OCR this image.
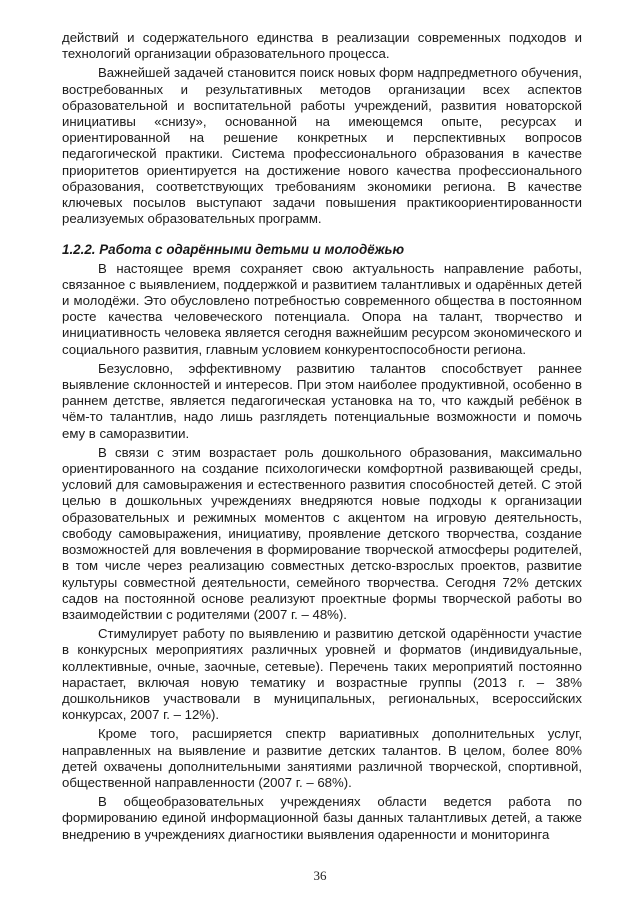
действий и содержательного единства в реализации современных подходов и технологий организации образовательного процесса.

Важнейшей задачей становится поиск новых форм надпредметного обучения, востребованных и результативных методов организации всех аспектов образовательной и воспитательной работы учреждений, развития новаторской инициативы «снизу», основанной на имеющемся опыте, ресурсах и ориентированной на решение конкретных и перспективных вопросов педагогической практики. Система профессионального образования в качестве приоритетов ориентируется на достижение нового качества профессионального образования, соответствующих требованиям экономики региона. В качестве ключевых посылов выступают задачи повышения практикоориентированности реализуемых образовательных программ.

1.2.2. Работа с одарёнными детьми и молодёжью

В настоящее время сохраняет свою актуальность направление работы, связанное с выявлением, поддержкой и развитием талантливых и одарённых детей и молодёжи. Это обусловлено потребностью современного общества в постоянном росте качества человеческого потенциала. Опора на талант, творчество и инициативность человека является сегодня важнейшим ресурсом экономического и социального развития, главным условием конкурентоспособности региона.

Безусловно, эффективному развитию талантов способствует раннее выявление склонностей и интересов. При этом наиболее продуктивной, особенно в раннем детстве, является педагогическая установка на то, что каждый ребёнок в чём-то талантлив, надо лишь разглядеть потенциальные возможности и помочь ему в саморазвитии.

В связи с этим возрастает роль дошкольного образования, максимально ориентированного на создание психологически комфортной развивающей среды, условий для самовыражения и естественного развития способностей детей. С этой целью в дошкольных учреждениях внедряются новые подходы к организации образовательных и режимных моментов с акцентом на игровую деятельность, свободу самовыражения, инициативу, проявление детского творчества, создание возможностей для вовлечения в формирование творческой атмосферы родителей, в том числе через реализацию совместных детско-взрослых проектов, развитие культуры совместной деятельности, семейного творчества. Сегодня 72% детских садов на постоянной основе реализуют проектные формы творческой работы во взаимодействии с родителями (2007 г. – 48%).

Стимулирует работу по выявлению и развитию детской одарённости участие в конкурсных мероприятиях различных уровней и форматов (индивидуальные, коллективные, очные, заочные, сетевые). Перечень таких мероприятий постоянно нарастает, включая новую тематику и возрастные группы (2013 г. – 38% дошкольников участвовали в муниципальных, региональных, всероссийских конкурсах, 2007 г. – 12%).

Кроме того, расширяется спектр вариативных дополнительных услуг, направленных на выявление и развитие детских талантов. В целом, более 80% детей охвачены дополнительными занятиями различной творческой, спортивной, общественной направленности (2007 г. – 68%).

В общеобразовательных учреждениях области ведется работа по формированию единой информационной базы данных талантливых детей, а также внедрению в учреждениях диагностики выявления одаренности и мониторинга

36
